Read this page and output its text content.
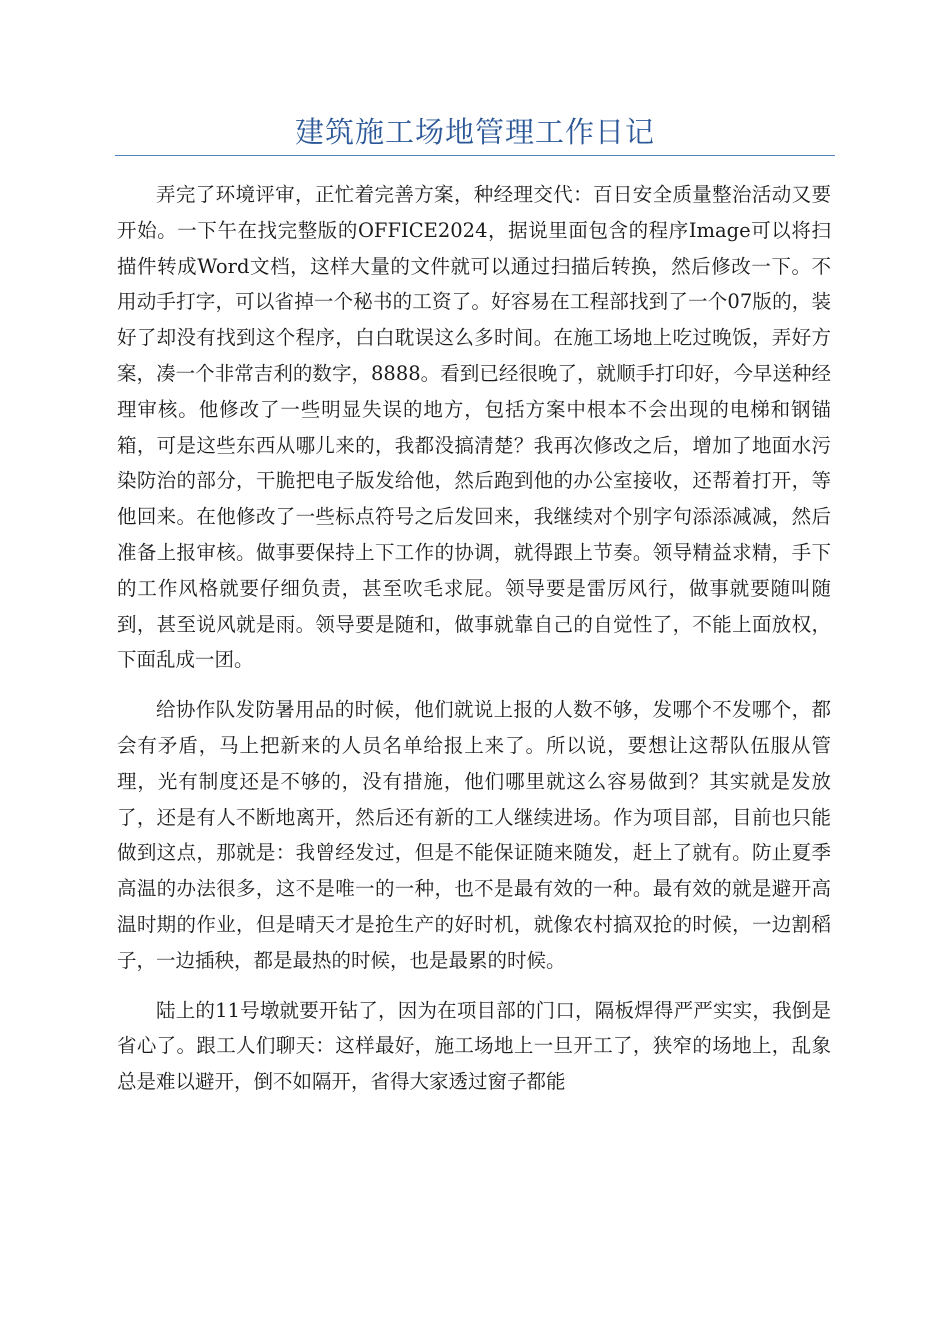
建筑施工场地管理工作日记

弄完了环境评审，正忙着完善方案，种经理交代：百日安全质量整治活动又要开始。一下午在找完整版的OFFICE2024，据说里面包含的程序Image可以将扫描件转成Word文档，这样大量的文件就可以通过扫描后转换，然后修改一下。不用动手打字，可以省掉一个秘书的工资了。好容易在工程部找到了一个07版的，装好了却没有找到这个程序，白白耽误这么多时间。在施工场地上吃过晚饭，弄好方案，凑一个非常吉利的数字，8888。看到已经很晚了，就顺手打印好，今早送种经理审核。他修改了一些明显失误的地方，包括方案中根本不会出现的电梯和钢锚箱，可是这些东西从哪儿来的，我都没搞清楚？我再次修改之后，增加了地面水污染防治的部分，干脆把电子版发给他，然后跑到他的办公室接收，还帮着打开，等他回来。在他修改了一些标点符号之后发回来，我继续对个别字句添添减减，然后准备上报审核。做事要保持上下工作的协调，就得跟上节奏。领导精益求精，手下的工作风格就要仔细负责，甚至吹毛求屁。领导要是雷厉风行，做事就要随叫随到，甚至说风就是雨。领导要是随和，做事就靠自己的自觉性了，不能上面放权，下面乱成一团。

给协作队发防暑用品的时候，他们就说上报的人数不够，发哪个不发哪个，都会有矛盾，马上把新来的人员名单给报上来了。所以说，要想让这帮队伍服从管理，光有制度还是不够的，没有措施，他们哪里就这么容易做到？其实就是发放了，还是有人不断地离开，然后还有新的工人继续进场。作为项目部，目前也只能做到这点，那就是：我曾经发过，但是不能保证随来随发，赶上了就有。防止夏季高温的办法很多，这不是唯一的一种，也不是最有效的一种。最有效的就是避开高温时期的作业，但是晴天才是抢生产的好时机，就像农村搞双抢的时候，一边割稻子，一边插秧，都是最热的时候，也是最累的时候。

陆上的11号墩就要开钻了，因为在项目部的门口，隔板焊得严严实实，我倒是省心了。跟工人们聊天：这样最好，施工场地上一旦开工了，狭窄的场地上，乱象总是难以避开，倒不如隔开，省得大家透过窗子都能
